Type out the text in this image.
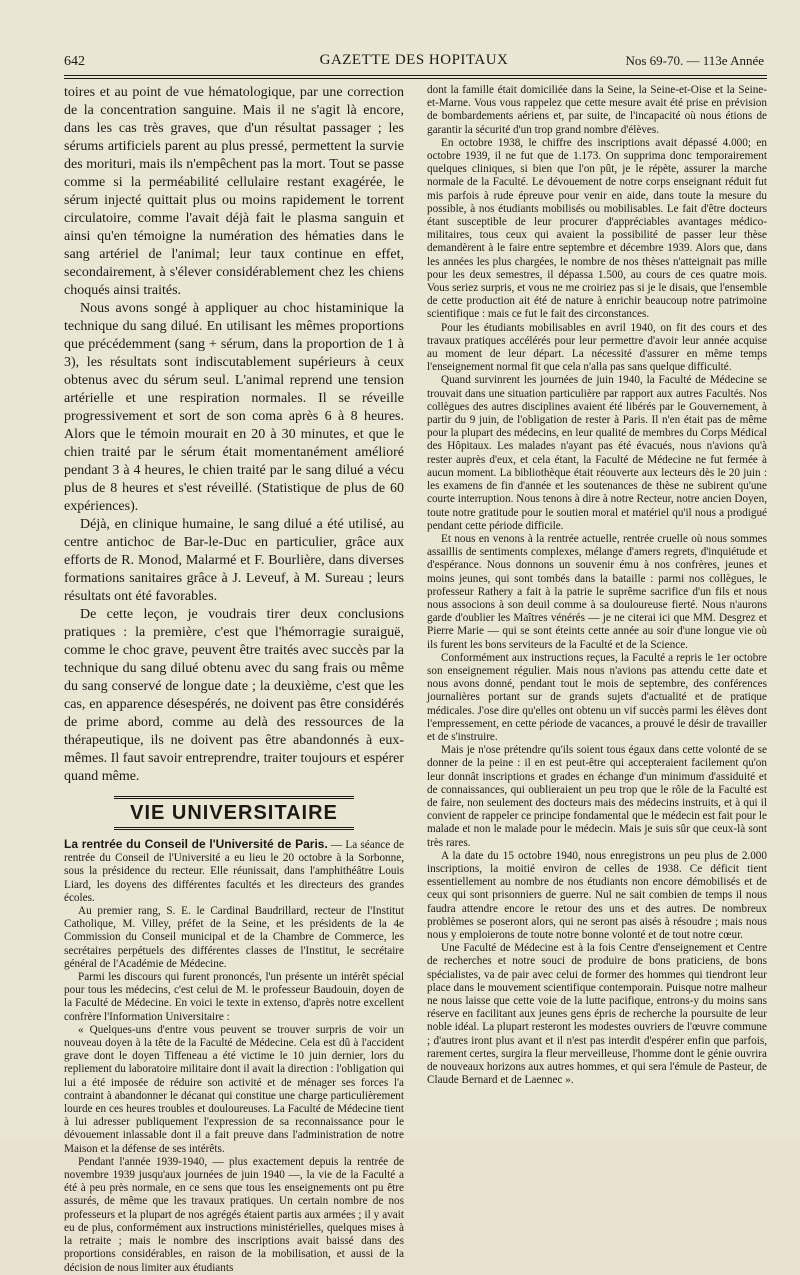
642	GAZETTE DES HOPITAUX	Nos 69-70. — 113e Année

toires et au point de vue hématologique, par une correction de la concentration sanguine. Mais il ne s'agit là encore, dans les cas très graves, que d'un résultat passager ; les sérums artificiels parent au plus pressé, permettent la survie des morituri, mais ils n'empêchent pas la mort. Tout se passe comme si la perméabilité cellulaire restant exagérée, le sérum injecté quittait plus ou moins rapidement le torrent circulatoire, comme l'avait déjà fait le plasma sanguin et ainsi qu'en témoigne la numération des hématies dans le sang artériel de l'animal; leur taux continue en effet, secondairement, à s'élever considérablement chez les chiens choqués ainsi traités.

Nous avons songé à appliquer au choc histaminique la technique du sang dilué. En utilisant les mêmes proportions que précédemment (sang + sérum, dans la proportion de 1 à 3), les résultats sont indiscutablement supérieurs à ceux obtenus avec du sérum seul. L'animal reprend une tension artérielle et une respiration normales. Il se réveille progressivement et sort de son coma après 6 à 8 heures. Alors que le témoin mourait en 20 à 30 minutes, et que le chien traité par le sérum était momentanément amélioré pendant 3 à 4 heures, le chien traité par le sang dilué a vécu plus de 8 heures et s'est réveillé. (Statistique de plus de 60 expériences).

Déjà, en clinique humaine, le sang dilué a été utilisé, au centre antichoc de Bar-le-Duc en particulier, grâce aux efforts de R. Monod, Malarmé et F. Bourlière, dans diverses formations sanitaires grâce à J. Leveuf, à M. Sureau ; leurs résultats ont été favorables.

De cette leçon, je voudrais tirer deux conclusions pratiques : la première, c'est que l'hémorragie suraiguë, comme le choc grave, peuvent être traités avec succès par la technique du sang dilué obtenu avec du sang frais ou même du sang conservé de longue date ; la deuxième, c'est que les cas, en apparence désespérés, ne doivent pas être considérés de prime abord, comme au delà des ressources de la thérapeutique, ils ne doivent pas être abandonnés à eux-mêmes. Il faut savoir entreprendre, traiter toujours et espérer quand même.

VIE UNIVERSITAIRE

La rentrée du Conseil de l'Université de Paris. — La séance de rentrée du Conseil de l'Université a eu lieu le 20 octobre à la Sorbonne, sous la présidence du recteur. Elle réunissait, dans l'amphithéâtre Louis Liard, les doyens des différentes facultés et les directeurs des grandes écoles.

Au premier rang, S. E. le Cardinal Baudrillard, recteur de l'Institut Catholique, M. Villey, préfet de la Seine, et les présidents de la 4e Commission du Conseil municipal et de la Chambre de Commerce, les secrétaires perpétuels des différentes classes de l'Institut, le secrétaire général de l'Académie de Médecine.

Parmi les discours qui furent prononcés, l'un présente un intérêt spécial pour tous les médecins, c'est celui de M. le professeur Baudouin, doyen de la Faculté de Médecine. En voici le texte in extenso, d'après notre excellent confrère l'Information Universitaire :

« Quelques-uns d'entre vous peuvent se trouver surpris de voir un nouveau doyen à la tête de la Faculté de Médecine. Cela est dû à l'accident grave dont le doyen Tiffeneau a été victime le 10 juin dernier, lors du repliement du laboratoire militaire dont il avait la direction : l'obligation qui lui a été imposée de réduire son activité et de ménager ses forces l'a contraint à abandonner le décanat qui constitue une charge particulièrement lourde en ces heures troubles et douloureuses. La Faculté de Médecine tient à lui adresser publiquement l'expression de sa reconnaissance pour le dévouement inlassable dont il a fait preuve dans l'administration de notre Maison et la défense de ses intérêts.

Pendant l'année 1939-1940, — plus exactement depuis la rentrée de novembre 1939 jusqu'aux journées de juin 1940 —, la vie de la Faculté a été à peu près normale, en ce sens que tous les enseignements ont pu être assurés, de même que les travaux pratiques. Un certain nombre de nos professeurs et la plupart de nos agrégés étaient partis aux armées ; il y avait eu de plus, conformément aux instructions ministérielles, quelques mises à la retraite ; mais le nombre des inscriptions avait baissé dans des proportions considérables, en raison de la mobilisation, et aussi de la décision de nous limiter aux étudiants

dont la famille était domiciliée dans la Seine, la Seine-et-Oise et la Seine-et-Marne. Vous vous rappelez que cette mesure avait été prise en prévision de bombardements aériens et, par suite, de l'incapacité où nous étions de garantir la sécurité d'un trop grand nombre d'élèves.

En octobre 1938, le chiffre des inscriptions avait dépassé 4.000; en octobre 1939, il ne fut que de 1.173. On supprima donc temporairement quelques cliniques, si bien que l'on pût, je le répète, assurer la marche normale de la Faculté. Le dévouement de notre corps enseignant réduit fut mis parfois à rude épreuve pour venir en aide, dans toute la mesure du possible, à nos étudiants mobilisés ou mobilisables. Le fait d'être docteurs étant susceptible de leur procurer d'appréciables avantages médico-militaires, tous ceux qui avaient la possibilité de passer leur thèse demandèrent à le faire entre septembre et décembre 1939. Alors que, dans les années les plus chargées, le nombre de nos thèses n'atteignait pas mille pour les deux semestres, il dépassa 1.500, au cours de ces quatre mois. Vous seriez surpris, et vous ne me croiriez pas si je le disais, que l'ensemble de cette production ait été de nature à enrichir beaucoup notre patrimoine scientifique : mais ce fut le fait des circonstances.

Pour les étudiants mobilisables en avril 1940, on fit des cours et des travaux pratiques accélérés pour leur permettre d'avoir leur année acquise au moment de leur départ. La nécessité d'assurer en même temps l'enseignement normal fit que cela n'alla pas sans quelque difficulté.

Quand survinrent les journées de juin 1940, la Faculté de Médecine se trouvait dans une situation particulière par rapport aux autres Facultés. Nos collègues des autres disciplines avaient été libérés par le Gouvernement, à partir du 9 juin, de l'obligation de rester à Paris. Il n'en était pas de même pour la plupart des médecins, en leur qualité de membres du Corps Médical des Hôpitaux. Les malades n'ayant pas été évacués, nous n'avions qu'à rester auprès d'eux, et cela étant, la Faculté de Médecine ne fut fermée à aucun moment. La bibliothèque était réouverte aux lecteurs dès le 20 juin : les examens de fin d'année et les soutenances de thèse ne subirent qu'une courte interruption. Nous tenons à dire à notre Recteur, notre ancien Doyen, toute notre gratitude pour le soutien moral et matériel qu'il nous a prodigué pendant cette période difficile.

Et nous en venons à la rentrée actuelle, rentrée cruelle où nous sommes assaillis de sentiments complexes, mélange d'amers regrets, d'inquiétude et d'espérance. Nous donnons un souvenir ému à nos confrères, jeunes et moins jeunes, qui sont tombés dans la bataille : parmi nos collègues, le professeur Rathery a fait à la patrie le suprême sacrifice d'un fils et nous nous associons à son deuil comme à sa douloureuse fierté. Nous n'aurons garde d'oublier les Maîtres vénérés — je ne citerai ici que MM. Desgrez et Pierre Marie — qui se sont éteints cette année au soir d'une longue vie où ils furent les bons serviteurs de la Faculté et de la Science.

Conformément aux instructions reçues, la Faculté a repris le 1er octobre son enseignement régulier. Mais nous n'avions pas attendu cette date et nous avons donné, pendant tout le mois de septembre, des conférences journalières portant sur de grands sujets d'actualité et de pratique médicales. J'ose dire qu'elles ont obtenu un vif succès parmi les élèves dont l'empressement, en cette période de vacances, a prouvé le désir de travailler et de s'instruire.

Mais je n'ose prétendre qu'ils soient tous égaux dans cette volonté de se donner de la peine : il en est peut-être qui accepteraient facilement qu'on leur donnât inscriptions et grades en échange d'un minimum d'assiduité et de connaissances, qui oublieraient un peu trop que le rôle de la Faculté est de faire, non seulement des docteurs mais des médecins instruits, et à qui il convient de rappeler ce principe fondamental que le médecin est fait pour le malade et non le malade pour le médecin. Mais je suis sûr que ceux-là sont très rares.

A la date du 15 octobre 1940, nous enregistrons un peu plus de 2.000 inscriptions, la moitié environ de celles de 1938. Ce déficit tient essentiellement au nombre de nos étudiants non encore démobilisés et de ceux qui sont prisonniers de guerre. Nul ne sait combien de temps il nous faudra attendre encore le retour des uns et des autres. De nombreux problèmes se poseront alors, qui ne seront pas aisés à résoudre ; mais nous nous y emploierons de toute notre bonne volonté et de tout notre cœur.

Une Faculté de Médecine est à la fois Centre d'enseignement et Centre de recherches et notre souci de produire de bons praticiens, de bons spécialistes, va de pair avec celui de former des hommes qui tiendront leur place dans le mouvement scientifique contemporain. Puisque notre malheur ne nous laisse que cette voie de la lutte pacifique, entrons-y du moins sans réserve en facilitant aux jeunes gens épris de recherche la poursuite de leur noble idéal. La plupart resteront les modestes ouvriers de l'œuvre commune ; d'autres iront plus avant et il n'est pas interdit d'espérer enfin que parfois, rarement certes, surgira la fleur merveilleuse, l'homme dont le génie ouvrira de nouveaux horizons aux autres hommes, et qui sera l'émule de Pasteur, de Claude Bernard et de Laennec ».
